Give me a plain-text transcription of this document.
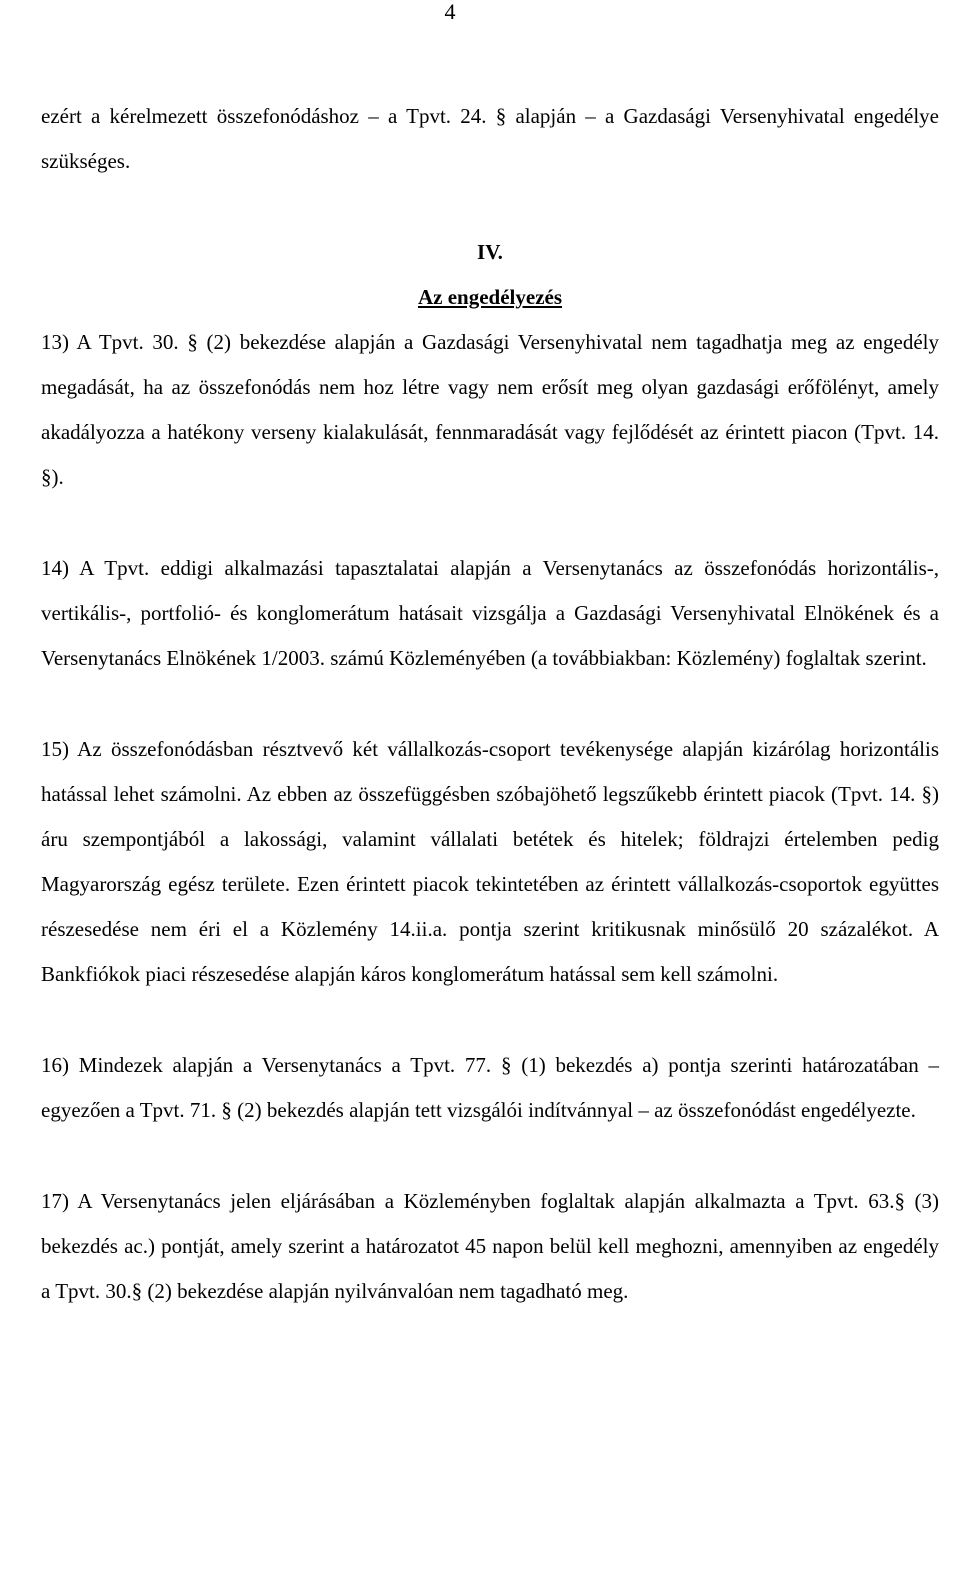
4

ezért a kérelmezett összefonódáshoz – a Tpvt. 24. § alapján – a Gazdasági Versenyhivatal engedélye szükséges.

IV.

Az engedélyezés

13) A Tpvt. 30. § (2) bekezdése alapján a Gazdasági Versenyhivatal nem tagadhatja meg az engedély megadását, ha az összefonódás nem hoz létre vagy nem erősít meg olyan gazdasági erőfölényt, amely akadályozza a hatékony verseny kialakulását, fennmaradását vagy fejlődését az érintett piacon (Tpvt. 14. §).

14) A Tpvt. eddigi alkalmazási tapasztalatai alapján a Versenytanács az összefonódás horizontális-, vertikális-, portfolió- és konglomerátum hatásait vizsgálja a Gazdasági Versenyhivatal Elnökének és a Versenytanács Elnökének 1/2003. számú Közleményében (a továbbiakban: Közlemény) foglaltak szerint.

15) Az összefonódásban résztvevő két vállalkozás-csoport tevékenysége alapján kizárólag horizontális hatással lehet számolni. Az ebben az összefüggésben szóbajöhető legszűkebb érintett piacok (Tpvt. 14. §) áru szempontjából a lakossági, valamint vállalati betétek és hitelek; földrajzi értelemben pedig Magyarország egész területe. Ezen érintett piacok tekintetében az érintett vállalkozás-csoportok együttes részesedése nem éri el a Közlemény 14.ii.a. pontja szerint kritikusnak minősülő 20 százalékot. A Bankfiókok piaci részesedése alapján káros konglomerátum hatással sem kell számolni.

16) Mindezek alapján a Versenytanács a Tpvt. 77. § (1) bekezdés a) pontja szerinti határozatában – egyezően a Tpvt. 71. § (2) bekezdés alapján tett vizsgálói indítvánnyal – az összefonódást engedélyezte.

17) A Versenytanács jelen eljárásában a Közleményben foglaltak alapján alkalmazta a Tpvt. 63.§ (3) bekezdés ac.) pontját, amely szerint a határozatot 45 napon belül kell meghozni, amennyiben az engedély a Tpvt. 30.§ (2) bekezdése alapján nyilvánvalóan nem tagadható meg.
